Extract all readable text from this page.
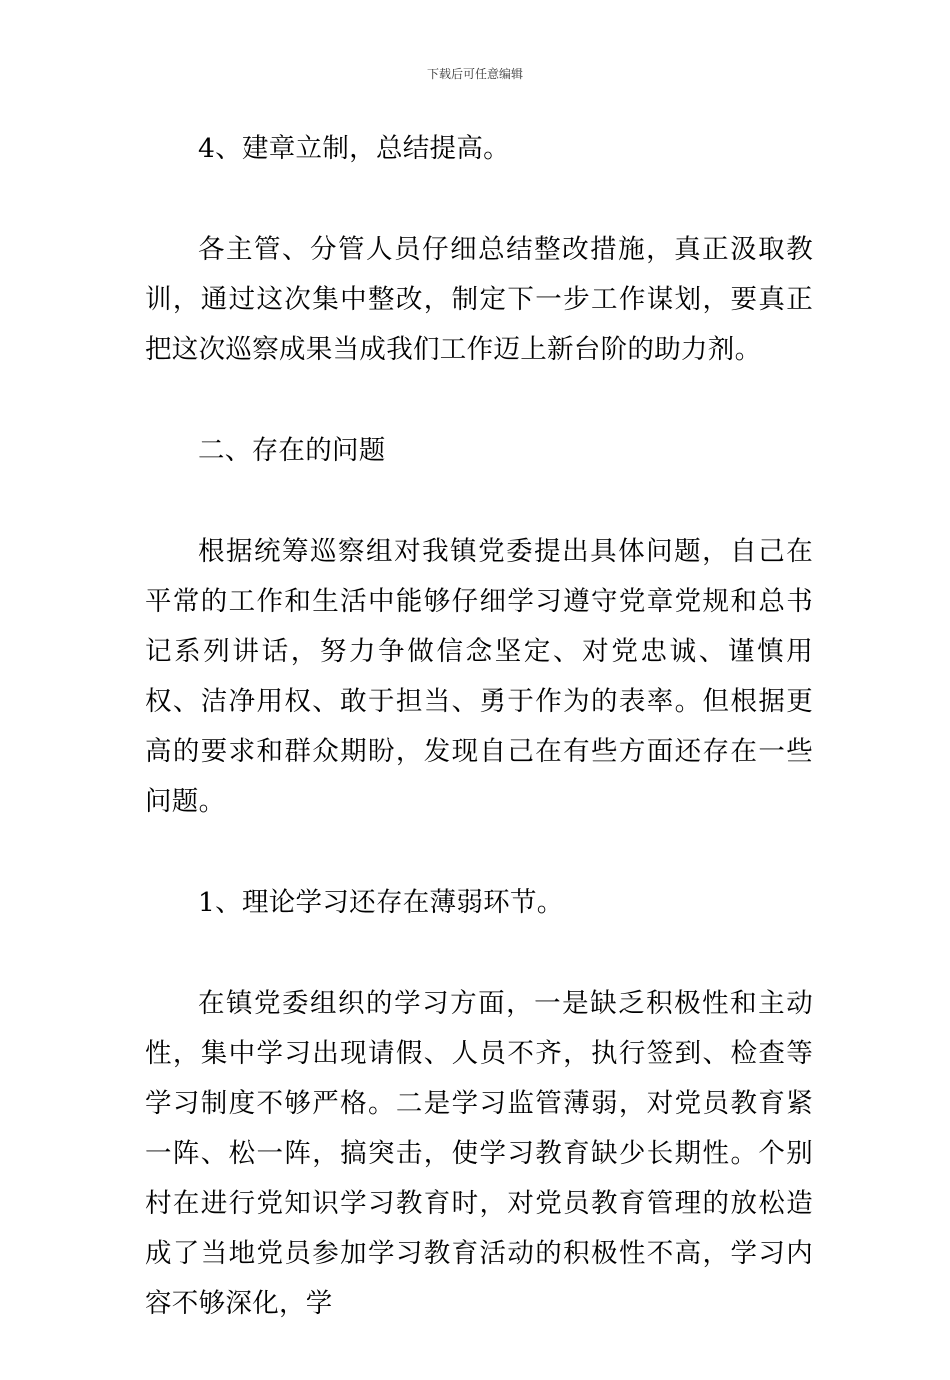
下载后可任意编辑

4、建章立制，总结提高。

各主管、分管人员仔细总结整改措施，真正汲取教训，通过这次集中整改，制定下一步工作谋划，要真正把这次巡察成果当成我们工作迈上新台阶的助力剂。

二、存在的问题

根据统筹巡察组对我镇党委提出具体问题，自己在平常的工作和生活中能够仔细学习遵守党章党规和总书记系列讲话，努力争做信念坚定、对党忠诚、谨慎用权、洁净用权、敢于担当、勇于作为的表率。但根据更高的要求和群众期盼，发现自己在有些方面还存在一些问题。

1、理论学习还存在薄弱环节。

在镇党委组织的学习方面，一是缺乏积极性和主动性，集中学习出现请假、人员不齐，执行签到、检查等学习制度不够严格。二是学习监管薄弱，对党员教育紧一阵、松一阵，搞突击，使学习教育缺少长期性。个别村在进行党知识学习教育时，对党员教育管理的放松造成了当地党员参加学习教育活动的积极性不高，学习内容不够深化，学
